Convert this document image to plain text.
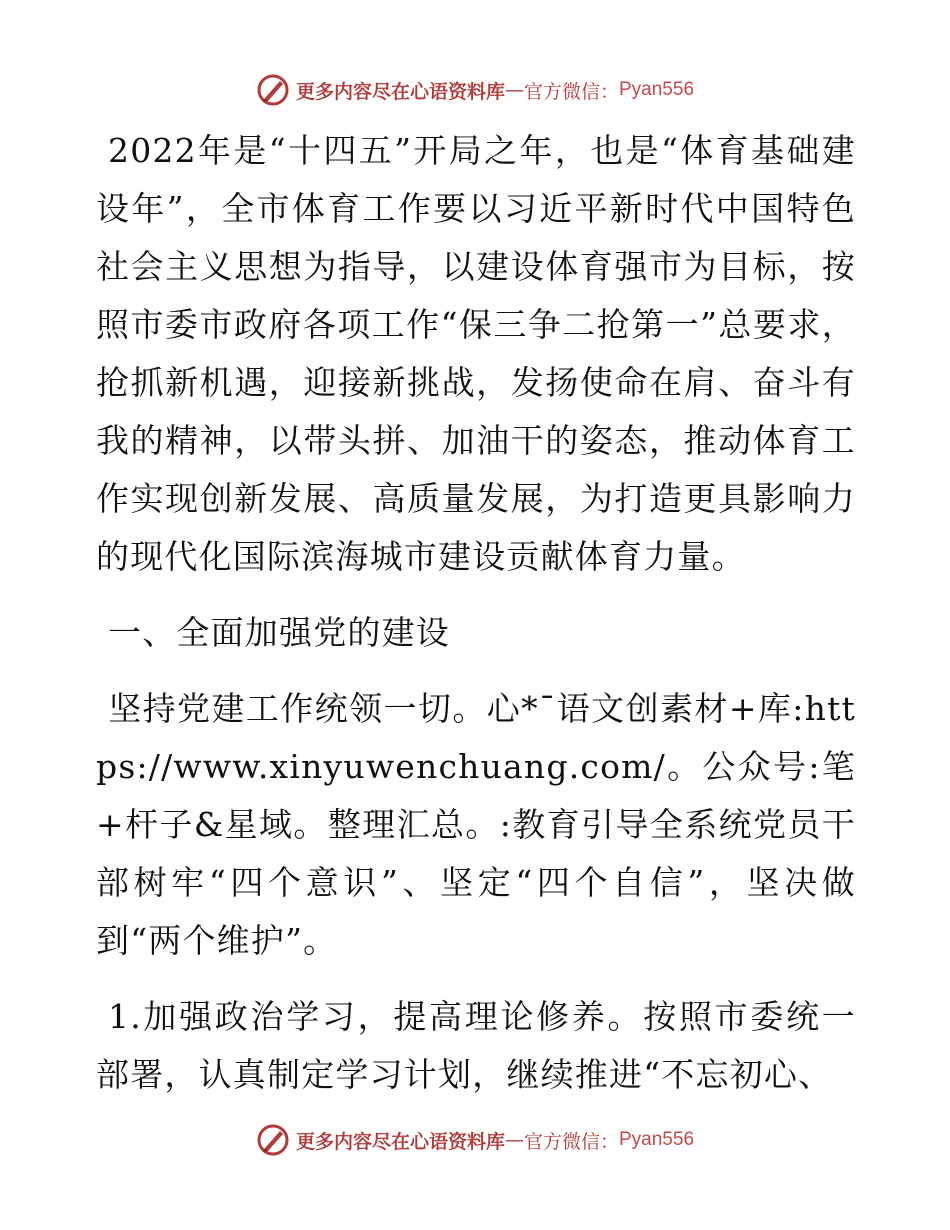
更多内容尽在心语资料库 — 官方微信： Pyan556

2022年是“十四五”开局之年，也是“体育基础建设年”，全市体育工作要以习近平新时代中国特色社会主义思想为指导，以建设体育强市为目标，按照市委市政府各项工作“保三争二抢第一”总要求，抢抓新机遇，迎接新挑战，发扬使命在肩、奋斗有我的精神，以带头拼、加油干的姿态，推动体育工作实现创新发展、高质量发展，为打造更具影响力的现代化国际滨海城市建设贡献体育力量。

一、全面加强党的建设

坚持党建工作统领一切。心*¯语文创素材+库:https://www.xinyuwenchuang.com/。公众号:笔+杆子&星域。整理汇总。:教育引导全系统党员干部树牢“四个意识”、坚定“四个自信”，坚决做到“两个维护”。

1.加强政治学习，提高理论修养。按照市委统一部署，认真制定学习计划，继续推进“不忘初心、

更多内容尽在心语资料库 — 官方微信： Pyan556
